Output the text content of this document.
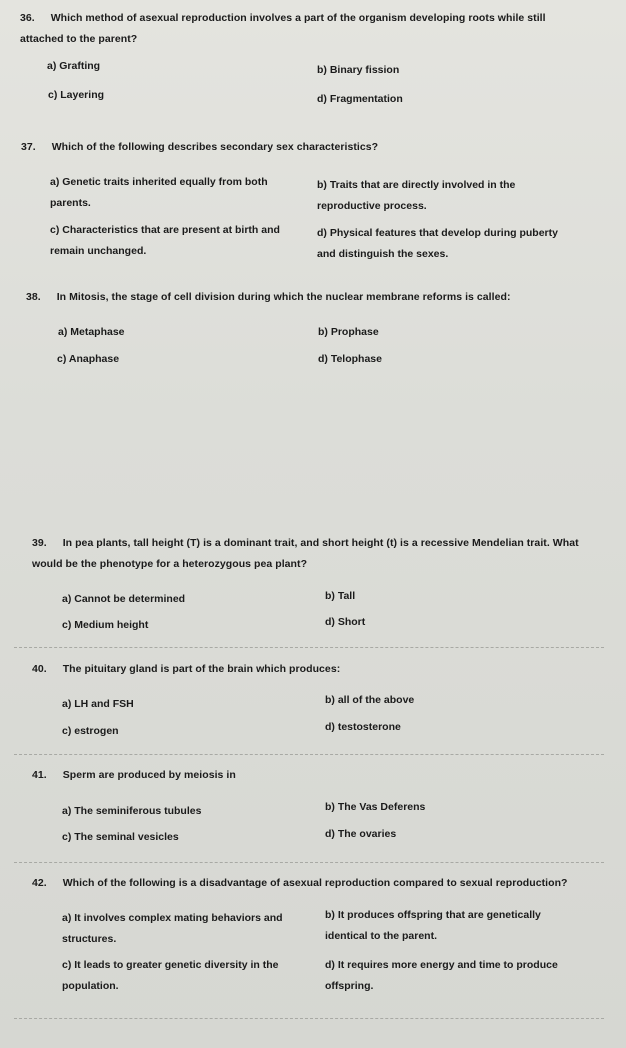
36. Which method of asexual reproduction involves a part of the organism developing roots while still attached to the parent?
a) Grafting	b) Binary fission
c) Layering	d) Fragmentation
37. Which of the following describes secondary sex characteristics?
a) Genetic traits inherited equally from both parents.
b) Traits that are directly involved in the reproductive process.
c) Characteristics that are present at birth and remain unchanged.
d) Physical features that develop during puberty and distinguish the sexes.
38. In Mitosis, the stage of cell division during which the nuclear membrane reforms is called:
a) Metaphase	b) Prophase
c) Anaphase	d) Telophase
39. In pea plants, tall height (T) is a dominant trait, and short height (t) is a recessive Mendelian trait. What would be the phenotype for a heterozygous pea plant?
a) Cannot be determined	b) Tall
c) Medium height	d) Short
40. The pituitary gland is part of the brain which produces:
a) LH and FSH	b) all of the above
c) estrogen	d) testosterone
41. Sperm are produced by meiosis in
a) The seminiferous tubules	b) The Vas Deferens
c) The seminal vesicles	d) The ovaries
42. Which of the following is a disadvantage of asexual reproduction compared to sexual reproduction?
a) It involves complex mating behaviors and structures.
b) It produces offspring that are genetically identical to the parent.
c) It leads to greater genetic diversity in the population.
d) It requires more energy and time to produce offspring.
